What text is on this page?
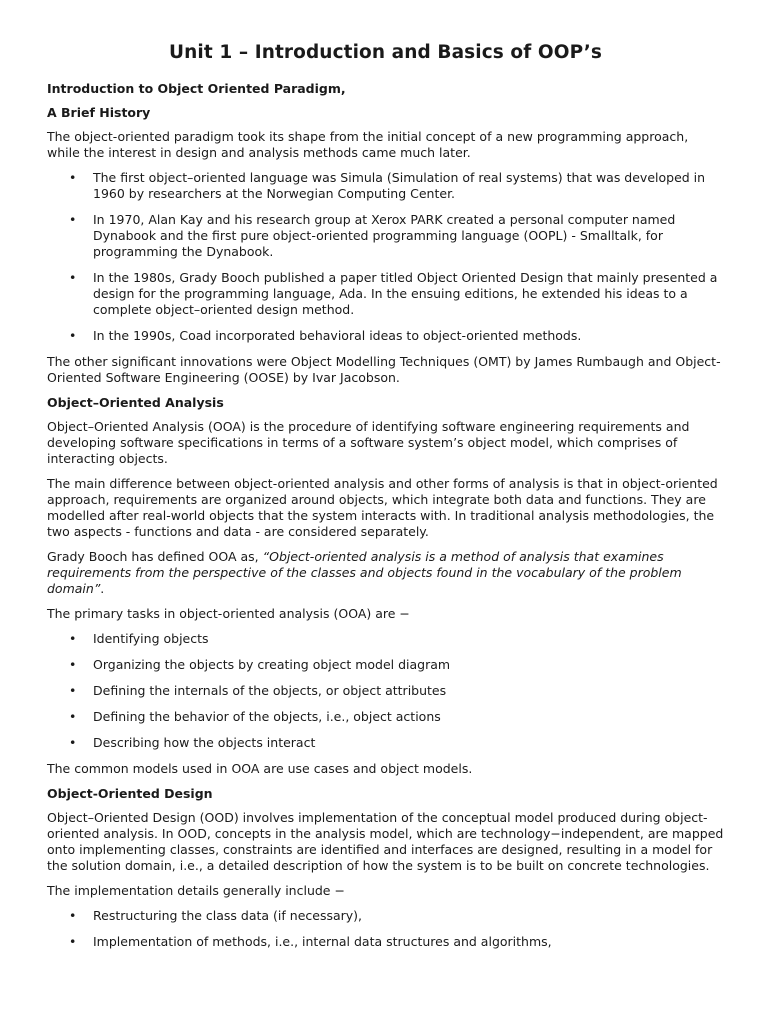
Unit 1 – Introduction and Basics of OOP’s
Introduction to Object Oriented Paradigm,
A Brief History

The object-oriented paradigm took its shape from the initial concept of a new programming approach, while the interest in design and analysis methods came much later.

• The first object–oriented language was Simula (Simulation of real systems) that was developed in 1960 by researchers at the Norwegian Computing Center.
• In 1970, Alan Kay and his research group at Xerox PARK created a personal computer named Dynabook and the first pure object-oriented programming language (OOPL) - Smalltalk, for programming the Dynabook.
• In the 1980s, Grady Booch published a paper titled Object Oriented Design that mainly presented a design for the programming language, Ada. In the ensuing editions, he extended his ideas to a complete object–oriented design method.
• In the 1990s, Coad incorporated behavioral ideas to object-oriented methods.

The other significant innovations were Object Modelling Techniques (OMT) by James Rumbaugh and Object-Oriented Software Engineering (OOSE) by Ivar Jacobson.

Object–Oriented Analysis

Object–Oriented Analysis (OOA) is the procedure of identifying software engineering requirements and developing software specifications in terms of a software system’s object model, which comprises of interacting objects.

The main difference between object-oriented analysis and other forms of analysis is that in object-oriented approach, requirements are organized around objects, which integrate both data and functions. They are modelled after real-world objects that the system interacts with. In traditional analysis methodologies, the two aspects - functions and data - are considered separately.

Grady Booch has defined OOA as, “Object-oriented analysis is a method of analysis that examines requirements from the perspective of the classes and objects found in the vocabulary of the problem domain”.

The primary tasks in object-oriented analysis (OOA) are −

• Identifying objects
• Organizing the objects by creating object model diagram
• Defining the internals of the objects, or object attributes
• Defining the behavior of the objects, i.e., object actions
• Describing how the objects interact

The common models used in OOA are use cases and object models.

Object-Oriented Design

Object–Oriented Design (OOD) involves implementation of the conceptual model produced during object-oriented analysis. In OOD, concepts in the analysis model, which are technology−independent, are mapped onto implementing classes, constraints are identified and interfaces are designed, resulting in a model for the solution domain, i.e., a detailed description of how the system is to be built on concrete technologies.

The implementation details generally include −

• Restructuring the class data (if necessary),
• Implementation of methods, i.e., internal data structures and algorithms,
